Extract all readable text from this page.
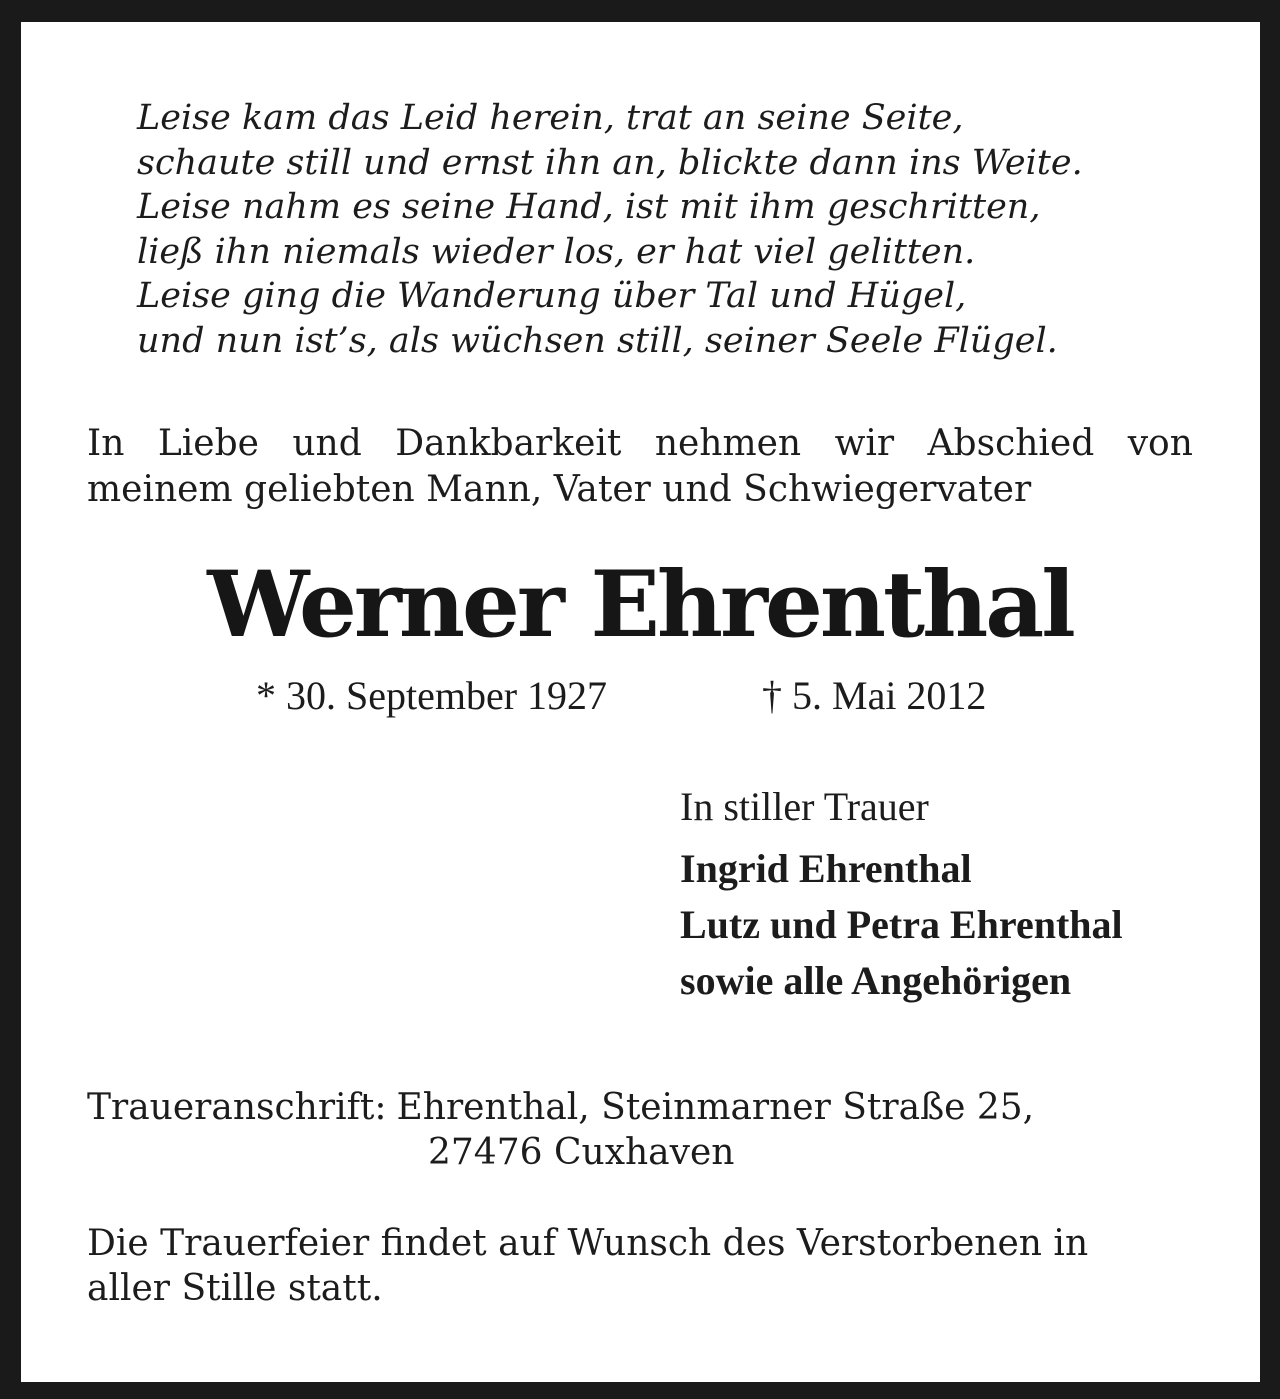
Leise kam das Leid herein, trat an seine Seite,
schaute still und ernst ihn an, blickte dann ins Weite.
Leise nahm es seine Hand, ist mit ihm geschritten,
ließ ihn niemals wieder los, er hat viel gelitten.
Leise ging die Wanderung über Tal und Hügel,
und nun ist’s, als wüchsen still, seiner Seele Flügel.
In Liebe und Dankbarkeit nehmen wir Abschied von
meinem geliebten Mann, Vater und Schwiegervater
Werner Ehrenthal
* 30. September 1927	† 5. Mai 2012
In stiller Trauer
Ingrid Ehrenthal
Lutz und Petra Ehrenthal
sowie alle Angehörigen
Traueranschrift: Ehrenthal, Steinmarner Straße 25,
27476 Cuxhaven
Die Trauerfeier findet auf Wunsch des Verstorbenen in
aller Stille statt.
